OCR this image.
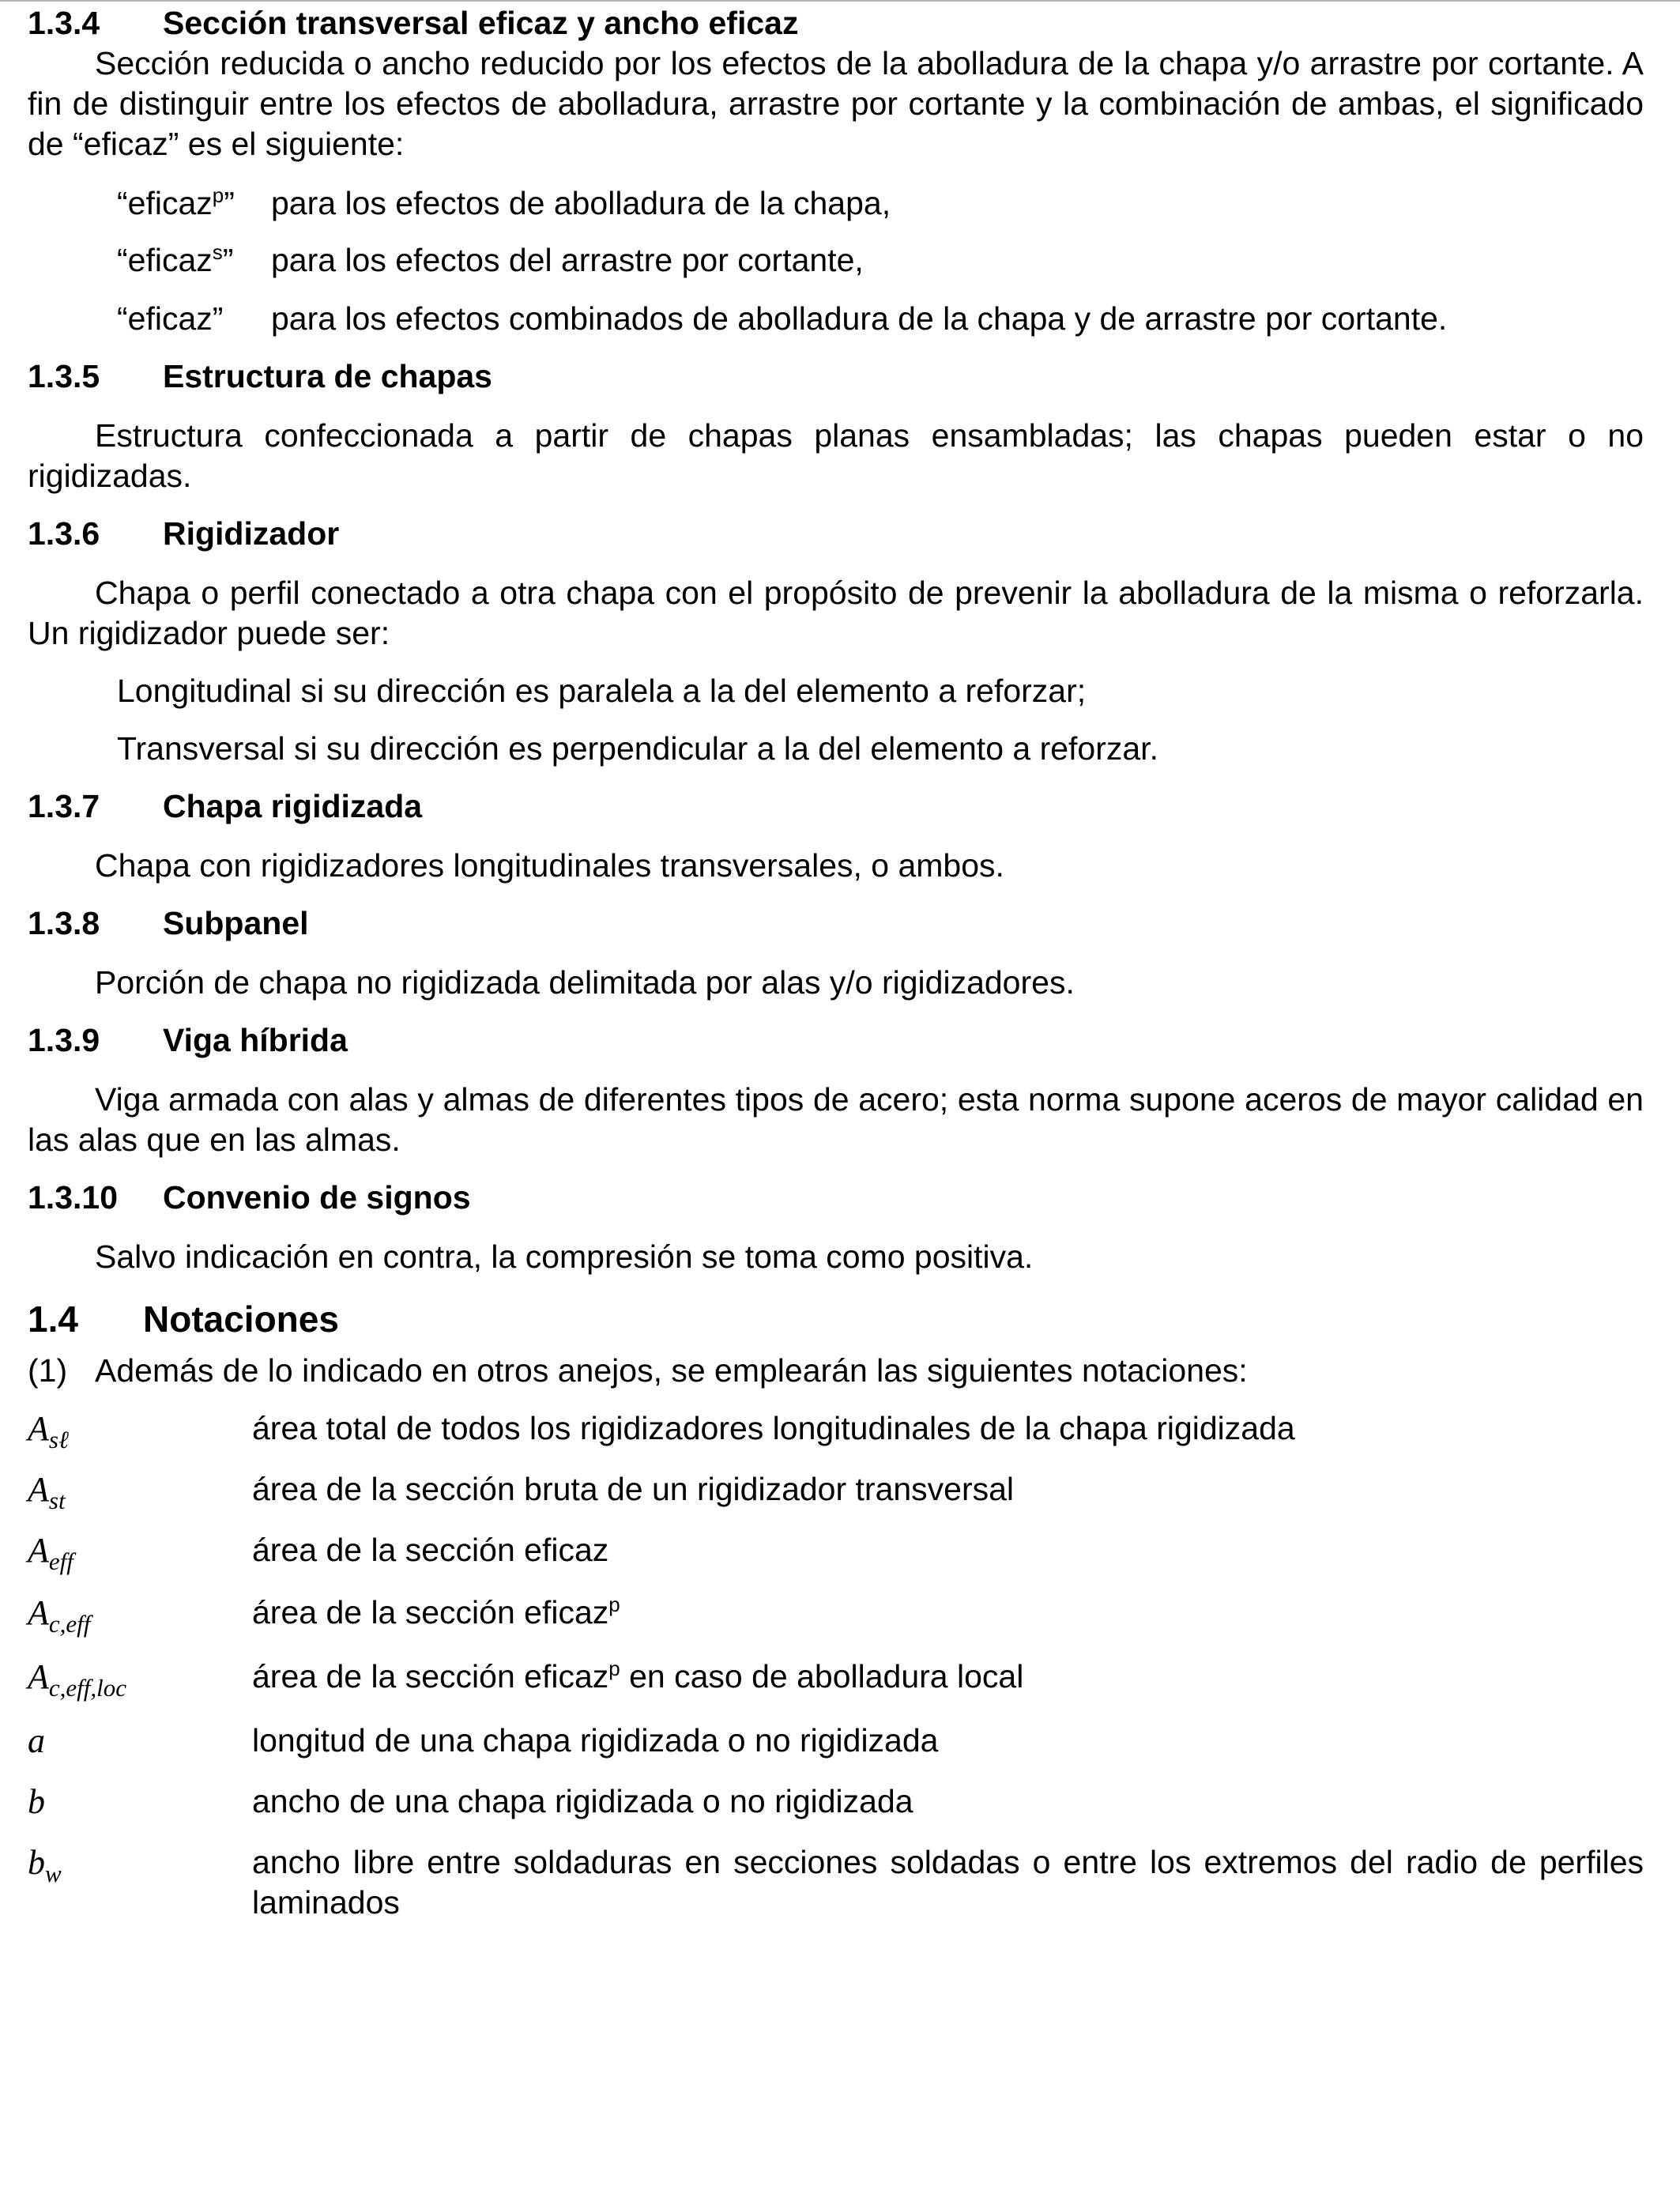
1.3.4 Sección transversal eficaz y ancho eficaz

Sección reducida o ancho reducido por los efectos de la abolladura de la chapa y/o arrastre por cortante. A fin de distinguir entre los efectos de abolladura, arrastre por cortante y la combinación de ambas, el significado de “eficaz” es el siguiente:

“eficaz$^p$” para los efectos de abolladura de la chapa,
“eficaz$^s$” para los efectos del arrastre por cortante,
“eficaz” para los efectos combinados de abolladura de la chapa y de arrastre por cortante.
1.3.5 Estructura de chapas

Estructura confeccionada a partir de chapas planas ensambladas; las chapas pueden estar o no rigidizadas.

1.3.6 Rigidizador

Chapa o perfil conectado a otra chapa con el propósito de prevenir la abolladura de la misma o reforzarla. Un rigidizador puede ser:

Longitudinal si su dirección es paralela a la del elemento a reforzar;
Transversal si su dirección es perpendicular a la del elemento a reforzar.
1.3.7 Chapa rigidizada

Chapa con rigidizadores longitudinales transversales, o ambos.

1.3.8 Subpanel

Porción de chapa no rigidizada delimitada por alas y/o rigidizadores.

1.3.9 Viga híbrida

Viga armada con alas y almas de diferentes tipos de acero; esta norma supone aceros de mayor calidad en las alas que en las almas.

1.3.10 Convenio de signos

Salvo indicación en contra, la compresión se toma como positiva.

1.4 Notaciones
(1) Además de lo indicado en otros anejos, se emplearán las siguientes notaciones:
$A_{s\ell}$	área total de todos los rigidizadores longitudinales de la chapa rigidizada
$A_{st}$	área de la sección bruta de un rigidizador transversal
$A_{eff}$	área de la sección eficaz
$A_{c,eff}$	área de la sección eficaz$^p$
$A_{c,eff,loc}$	área de la sección eficaz$^p$ en caso de abolladura local
a	longitud de una chapa rigidizada o no rigidizada
b	ancho de una chapa rigidizada o no rigidizada
$b_w$	ancho libre entre soldaduras en secciones soldadas o entre los extremos del radio de perfiles laminados
